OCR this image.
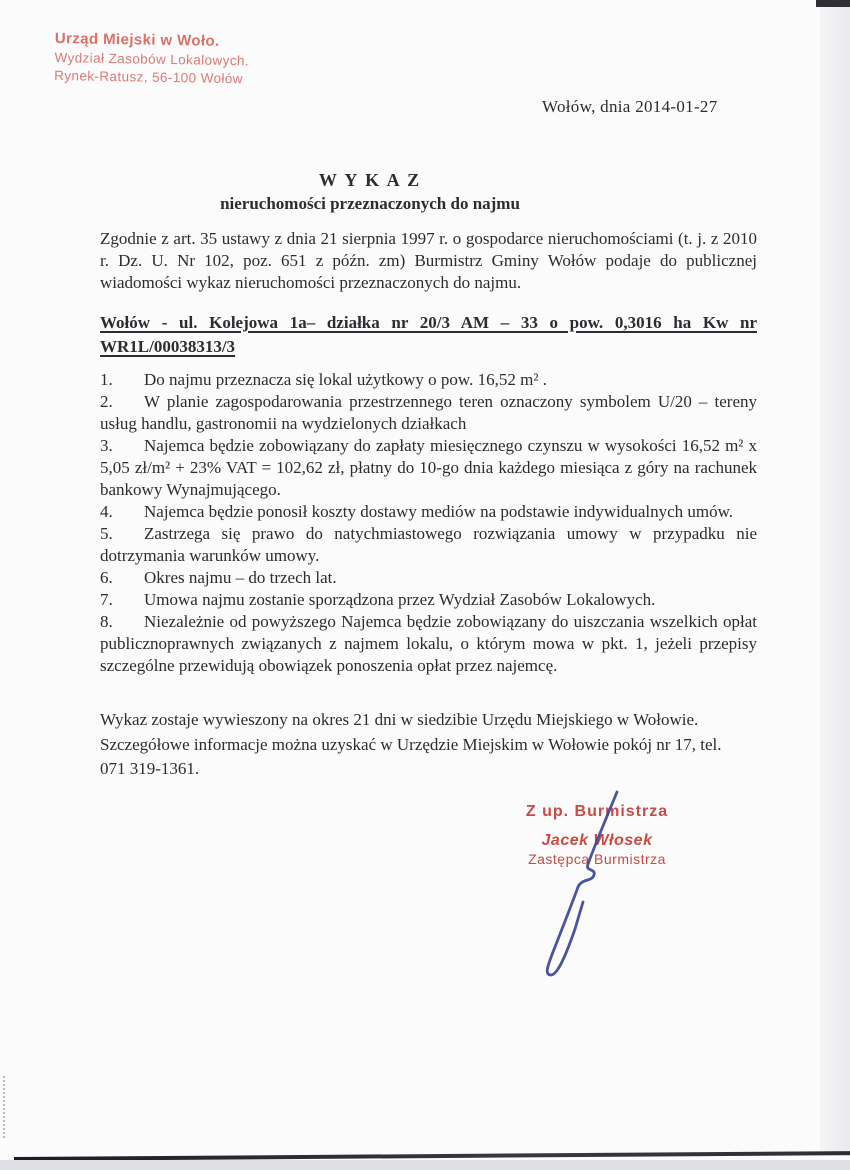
Urząd Miejski w Woło.
Wydział Zasobów Lokalowych.
Rynek-Ratusz, 56-100 Wołów
Wołów, dnia 2014-01-27
W Y K A Z
nieruchomości przeznaczonych do najmu

Zgodnie z art. 35 ustawy z dnia 21 sierpnia 1997 r. o gospodarce nieruchomościami (t. j. z 2010 r. Dz. U. Nr 102, poz. 651 z późn. zm) Burmistrz Gminy Wołów podaje do publicznej wiadomości wykaz nieruchomości przeznaczonych do najmu.

Wołów - ul. Kolejowa 1a– działka nr 20/3 AM – 33 o pow. 0,3016 ha Kw nr
WR1L/00038313/3

1. Do najmu przeznacza się lokal użytkowy o pow. 16,52 m² .

2. W planie zagospodarowania przestrzennego teren oznaczony symbolem U/20 – tereny usług handlu, gastronomii na wydzielonych działkach

3. Najemca będzie zobowiązany do zapłaty miesięcznego czynszu w wysokości 16,52 m² x 5,05 zł/m² + 23% VAT = 102,62 zł, płatny do 10-go dnia każdego miesiąca z góry na rachunek bankowy Wynajmującego.

4. Najemca będzie ponosił koszty dostawy mediów na podstawie indywidualnych umów.

5. Zastrzega się prawo do natychmiastowego rozwiązania umowy w przypadku nie dotrzymania warunków umowy.

6. Okres najmu – do trzech lat.

7. Umowa najmu zostanie sporządzona przez Wydział Zasobów Lokalowych.

8. Niezależnie od powyższego Najemca będzie zobowiązany do uiszczania wszelkich opłat publicznoprawnych związanych z najmem lokalu, o którym mowa w pkt. 1, jeżeli przepisy szczególne przewidują obowiązek ponoszenia opłat przez najemcę.

Wykaz zostaje wywieszony na okres 21 dni w siedzibie Urzędu Miejskiego w Wołowie.
Szczegółowe informacje można uzyskać w Urzędzie Miejskim w Wołowie pokój nr 17, tel.
071 319-1361.
Z up. Burmistrza
Jacek Włosek
Zastępca Burmistrza
